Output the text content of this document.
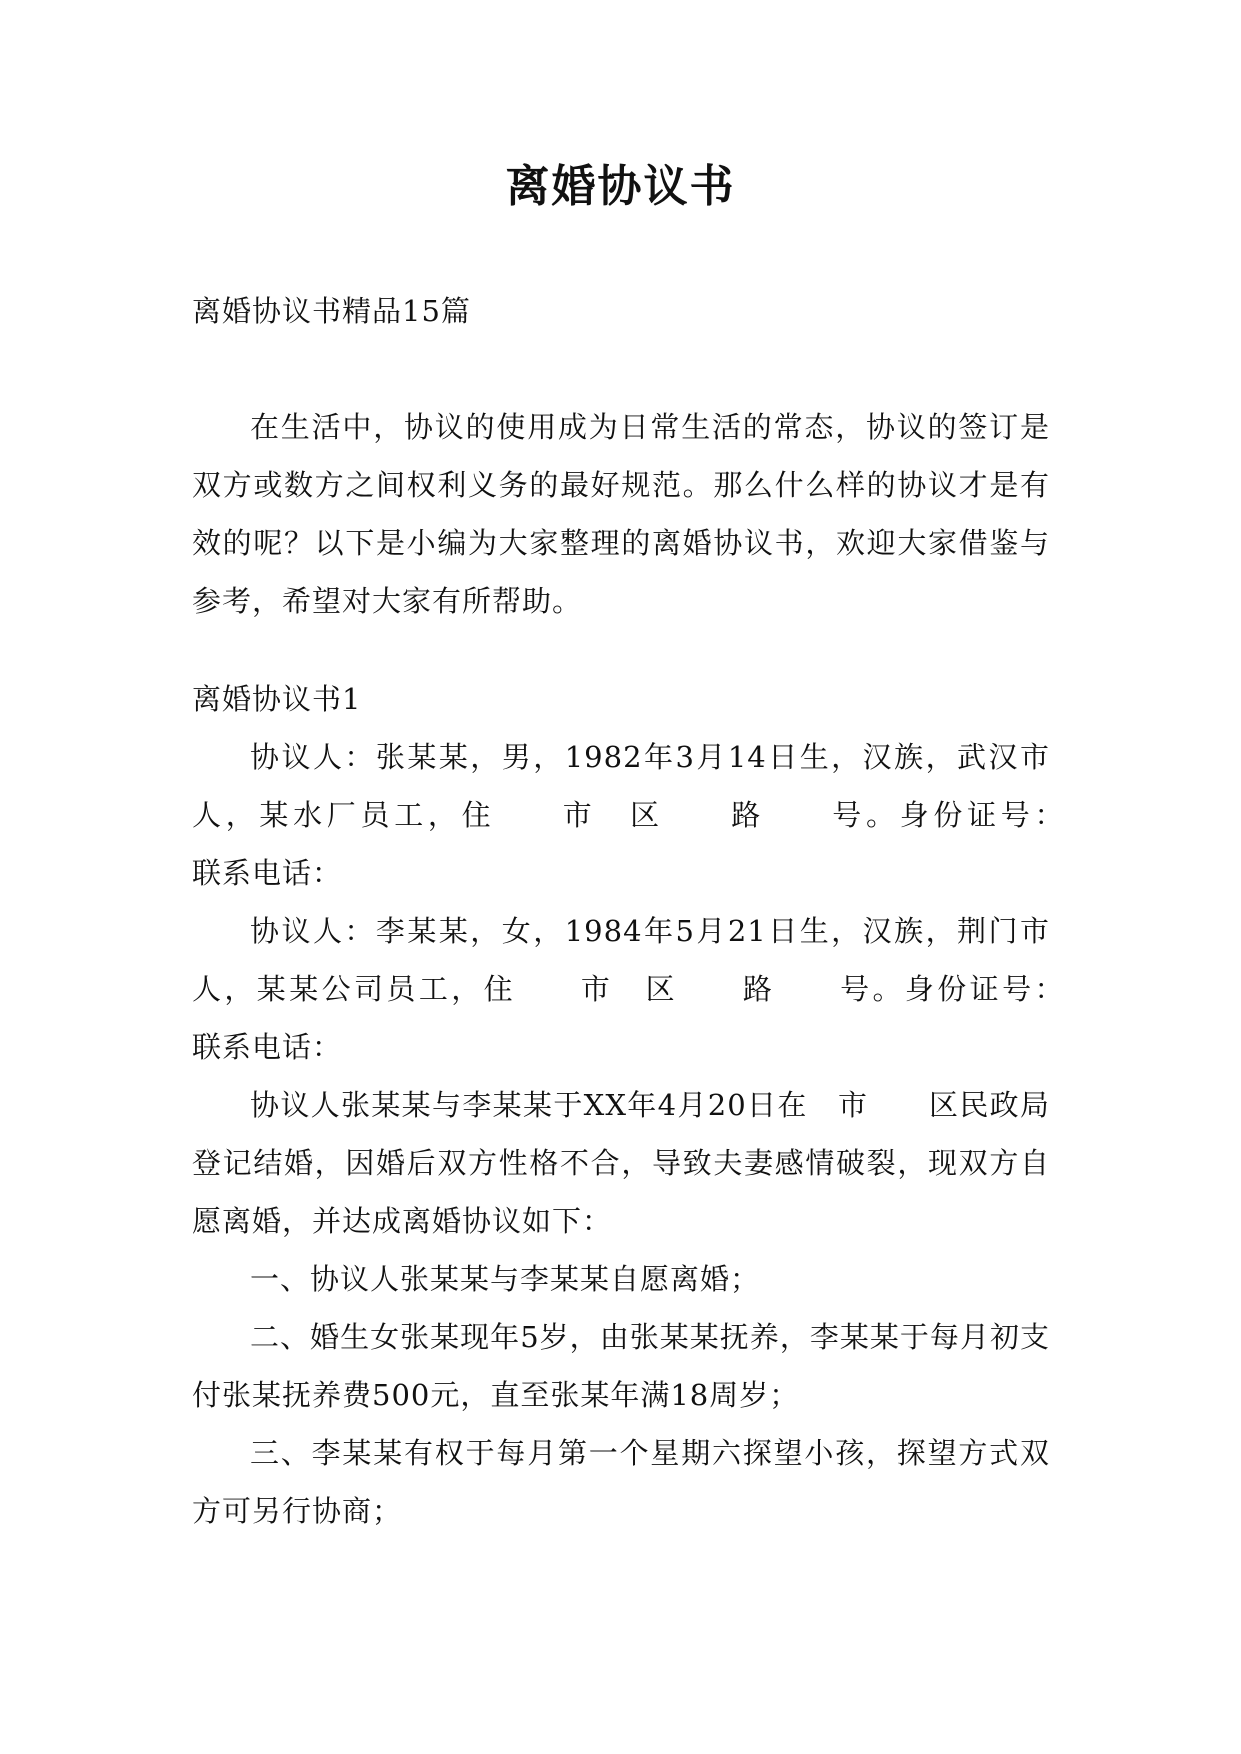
离婚协议书

离婚协议书精品15篇

在生活中，协议的使用成为日常生活的常态，协议的签订是双方或数方之间权利义务的最好规范。那么什么样的协议才是有效的呢？以下是小编为大家整理的离婚协议书，欢迎大家借鉴与参考，希望对大家有所帮助。

离婚协议书1

协议人：张某某，男，1982年3月14日生，汉族，武汉市人，某水厂员工，住　　市　区　　路　　号。身份证号：　　　　联系电话：

协议人：李某某，女，1984年5月21日生，汉族，荆门市人，某某公司员工，住　　市　区　　路　　号。身份证号：　　　　联系电话：

协议人张某某与李某某于XX年4月20日在　市　　区民政局登记结婚，因婚后双方性格不合，导致夫妻感情破裂，现双方自愿离婚，并达成离婚协议如下：

一、协议人张某某与李某某自愿离婚；

二、婚生女张某现年5岁，由张某某抚养，李某某于每月初支付张某抚养费500元，直至张某年满18周岁；

三、李某某有权于每月第一个星期六探望小孩，探望方式双方可另行协商；
